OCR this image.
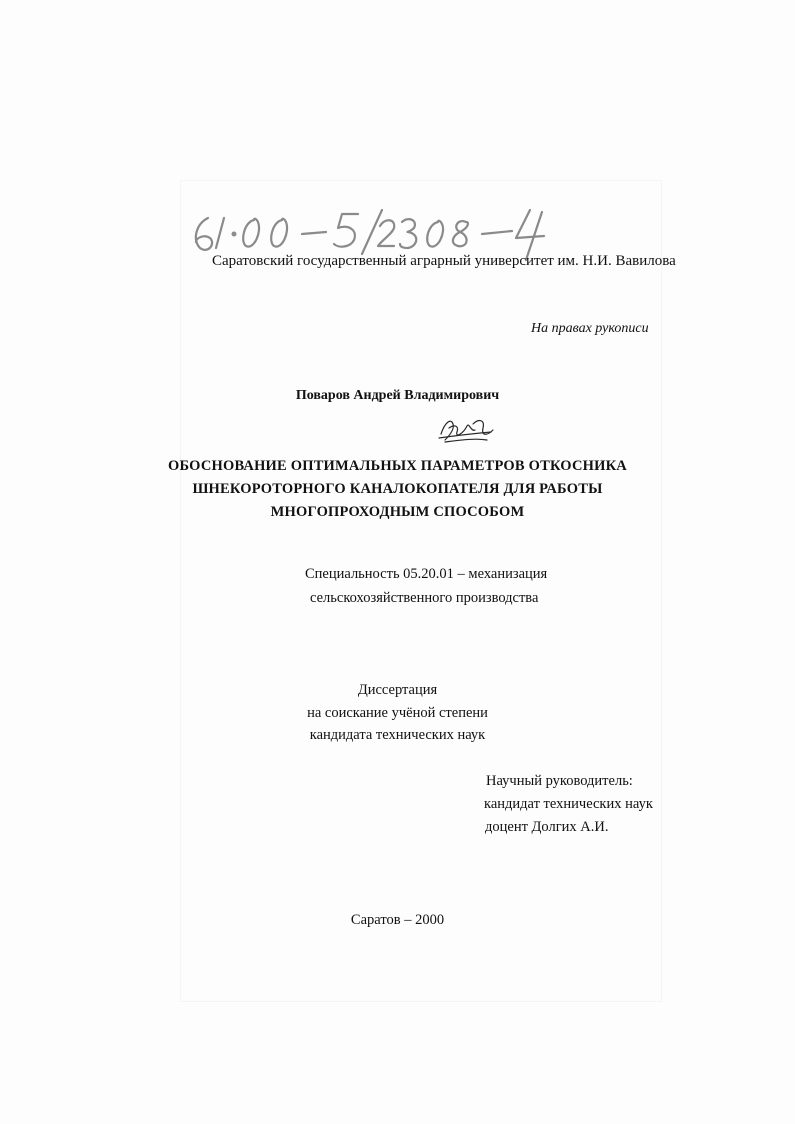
Саратовский государственный аграрный университет им. Н.И. Вавилова
На правах рукописи
Поваров Андрей Владимирович
ОБОСНОВАНИЕ ОПТИМАЛЬНЫХ ПАРАМЕТРОВ ОТКОСНИКА
ШНЕКОРОТОРНОГО КАНАЛОКОПАТЕЛЯ ДЛЯ РАБОТЫ
МНОГОПРОХОДНЫМ СПОСОБОМ
Специальность 05.20.01 – механизация
сельскохозяйственного производства
Диссертация
на соискание учёной степени
кандидата технических наук
Научный руководитель:
кандидат технических наук
доцент Долгих А.И.
Саратов – 2000
